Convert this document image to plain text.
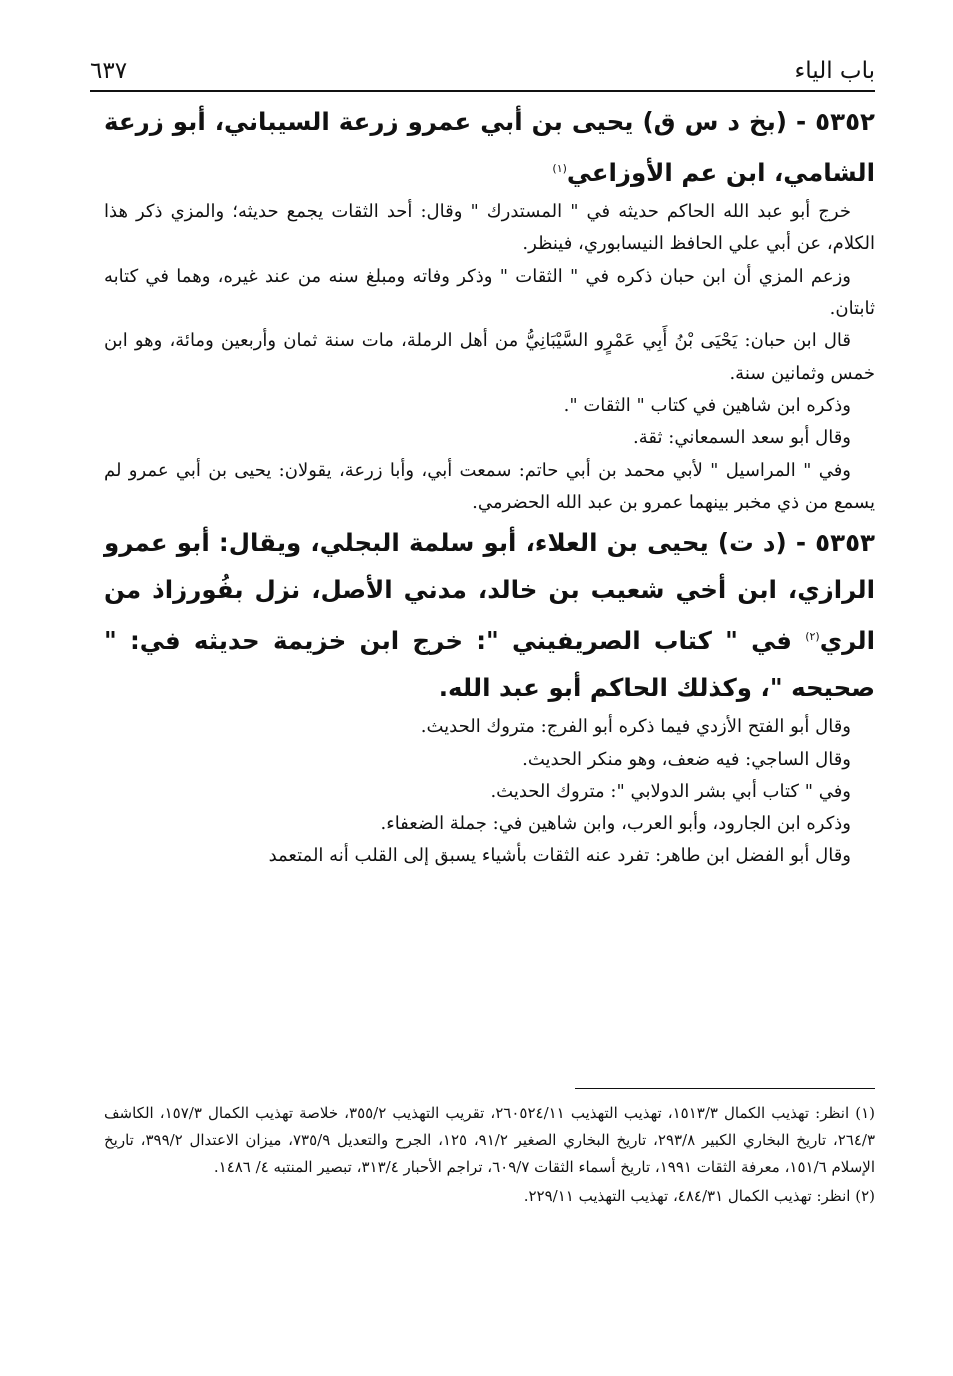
باب الياء
٦٣٧

٥٣٥٢ - (بخ د س ق) يحيى بن أبي عمرو زرعة السيباني، أبو زرعة الشامي، ابن عم الأوزاعي$^{(١)}$

خرج أبو عبد الله الحاكم حديثه في " المستدرك " وقال: أحد الثقات يجمع حديثه؛ والمزي ذكر هذا الكلام، عن أبي علي الحافظ النيسابوري، فينظر.

وزعم المزي أن ابن حبان ذكره في " الثقات " وذكر وفاته ومبلغ سنه من عند غيره، وهما في كتابه ثابتان.

قال ابن حبان: يَحْيَى بْنُ أَبِي عَمْرٍو السَّيْبَانِيُّ من أهل الرملة، مات سنة ثمان وأربعين ومائة، وهو ابن خمس وثمانين سنة.

وذكره ابن شاهين في كتاب " الثقات ".

وقال أبو سعد السمعاني: ثقة.

وفي " المراسيل " لأبي محمد بن أبي حاتم: سمعت أبي، وأبا زرعة، يقولان: يحيى بن أبي عمرو لم يسمع من ذي مخبر بينهما عمرو بن عبد الله الحضرمي.

٥٣٥٣ - (د ت) يحيى بن العلاء، أبو سلمة البجلي، ويقال: أبو عمرو الرازي، ابن أخي شعيب بن خالد، مدني الأصل، نزل بفُورزاذ من الري$^{(٢)}$ في " كتاب الصريفيني ": خرج ابن خزيمة حديثه في: " صحيحه "، وكذلك الحاكم أبو عبد الله.

وقال أبو الفتح الأزدي فيما ذكره أبو الفرج: متروك الحديث.

وقال الساجي: فيه ضعف، وهو منكر الحديث.

وفي " كتاب أبي بشر الدولابي ": متروك الحديث.

وذكره ابن الجارود، وأبو العرب، وابن شاهين في: جملة الضعفاء.

وقال أبو الفضل ابن طاهر: تفرد عنه الثقات بأشياء يسبق إلى القلب أنه المتعمد

(١) انظر: تهذيب الكمال ١٥١٣/٣، تهذيب التهذيب ٢٦٠٥٢٤/١١، تقريب التهذيب ٣٥٥/٢، خلاصة تهذيب الكمال ١٥٧/٣، الكاشف ٢٦٤/٣، تاريخ البخاري الكبير ٢٩٣/٨، تاريخ البخاري الصغير ٩١/٢، ١٢٥، الجرح والتعديل ٧٣٥/٩، ميزان الاعتدال ٣٩٩/٢، تاريخ الإسلام ١٥١/٦، معرفة الثقات ١٩٩١، تاريخ أسماء الثقات ٦٠٩/٧، تراجم الأحبار ٣١٣/٤، تبصير المنتبه ٤/ ١٤٨٦.

(٢) انظر: تهذيب الكمال ٤٨٤/٣١، تهذيب التهذيب ٢٢٩/١١.
